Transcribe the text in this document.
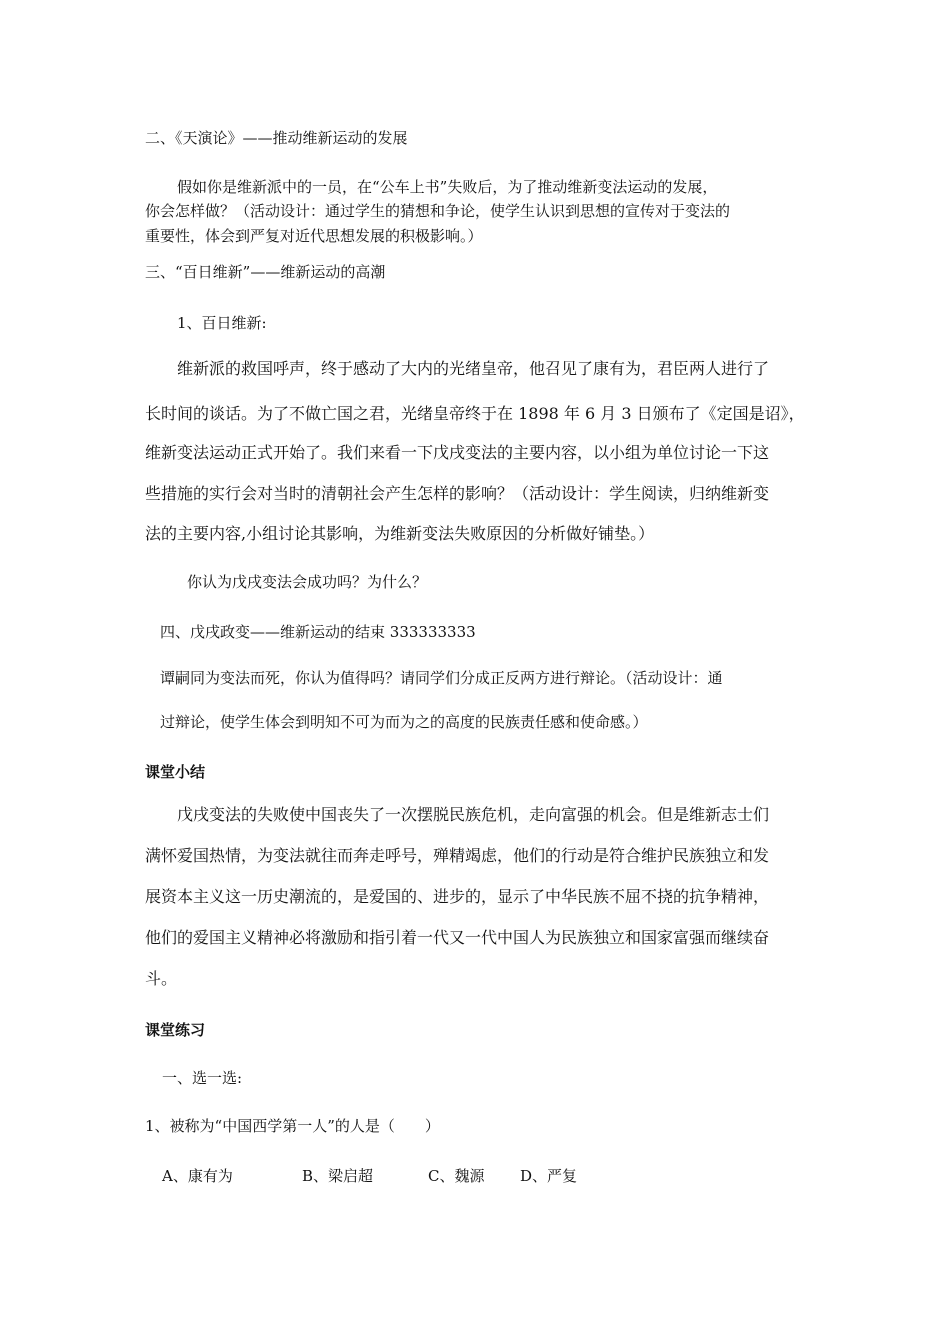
二、《天演论》——推动维新运动的发展
假如你是维新派中的一员，在“公车上书”失败后，为了推动维新变法运动的发展，
你会怎样做？（活动设计：通过学生的猜想和争论，使学生认识到思想的宣传对于变法的
重要性，体会到严复对近代思想发展的积极影响。）
三、“百日维新”——维新运动的高潮
1、百日维新:
维新派的救国呼声，终于感动了大内的光绪皇帝，他召见了康有为，君臣两人进行了
长时间的谈话。为了不做亡国之君，光绪皇帝终于在 1898 年 6 月 3 日颁布了《定国是诏》，
维新变法运动正式开始了。我们来看一下戊戌变法的主要内容，以小组为单位讨论一下这
些措施的实行会对当时的清朝社会产生怎样的影响？（活动设计：学生阅读，归纳维新变
法的主要内容,小组讨论其影响，为维新变法失败原因的分析做好铺垫。）
你认为戊戌变法会成功吗？为什么？
四、戊戌政变——维新运动的结束 333333333
谭嗣同为变法而死，你认为值得吗？请同学们分成正反两方进行辩论。（活动设计：通
过辩论，使学生体会到明知不可为而为之的高度的民族责任感和使命感。）
课堂小结
戊戌变法的失败使中国丧失了一次摆脱民族危机，走向富强的机会。但是维新志士们
满怀爱国热情，为变法就往而奔走呼号，殚精竭虑，他们的行动是符合维护民族独立和发
展资本主义这一历史潮流的，是爱国的、进步的，显示了中华民族不屈不挠的抗争精神，
他们的爱国主义精神必将激励和指引着一代又一代中国人为民族独立和国家富强而继续奋
斗。
课堂练习
一、选一选:
1、被称为“中国西学第一人”的人是（　　）
A、康有为	B、梁启超	C、魏源 D、严复
